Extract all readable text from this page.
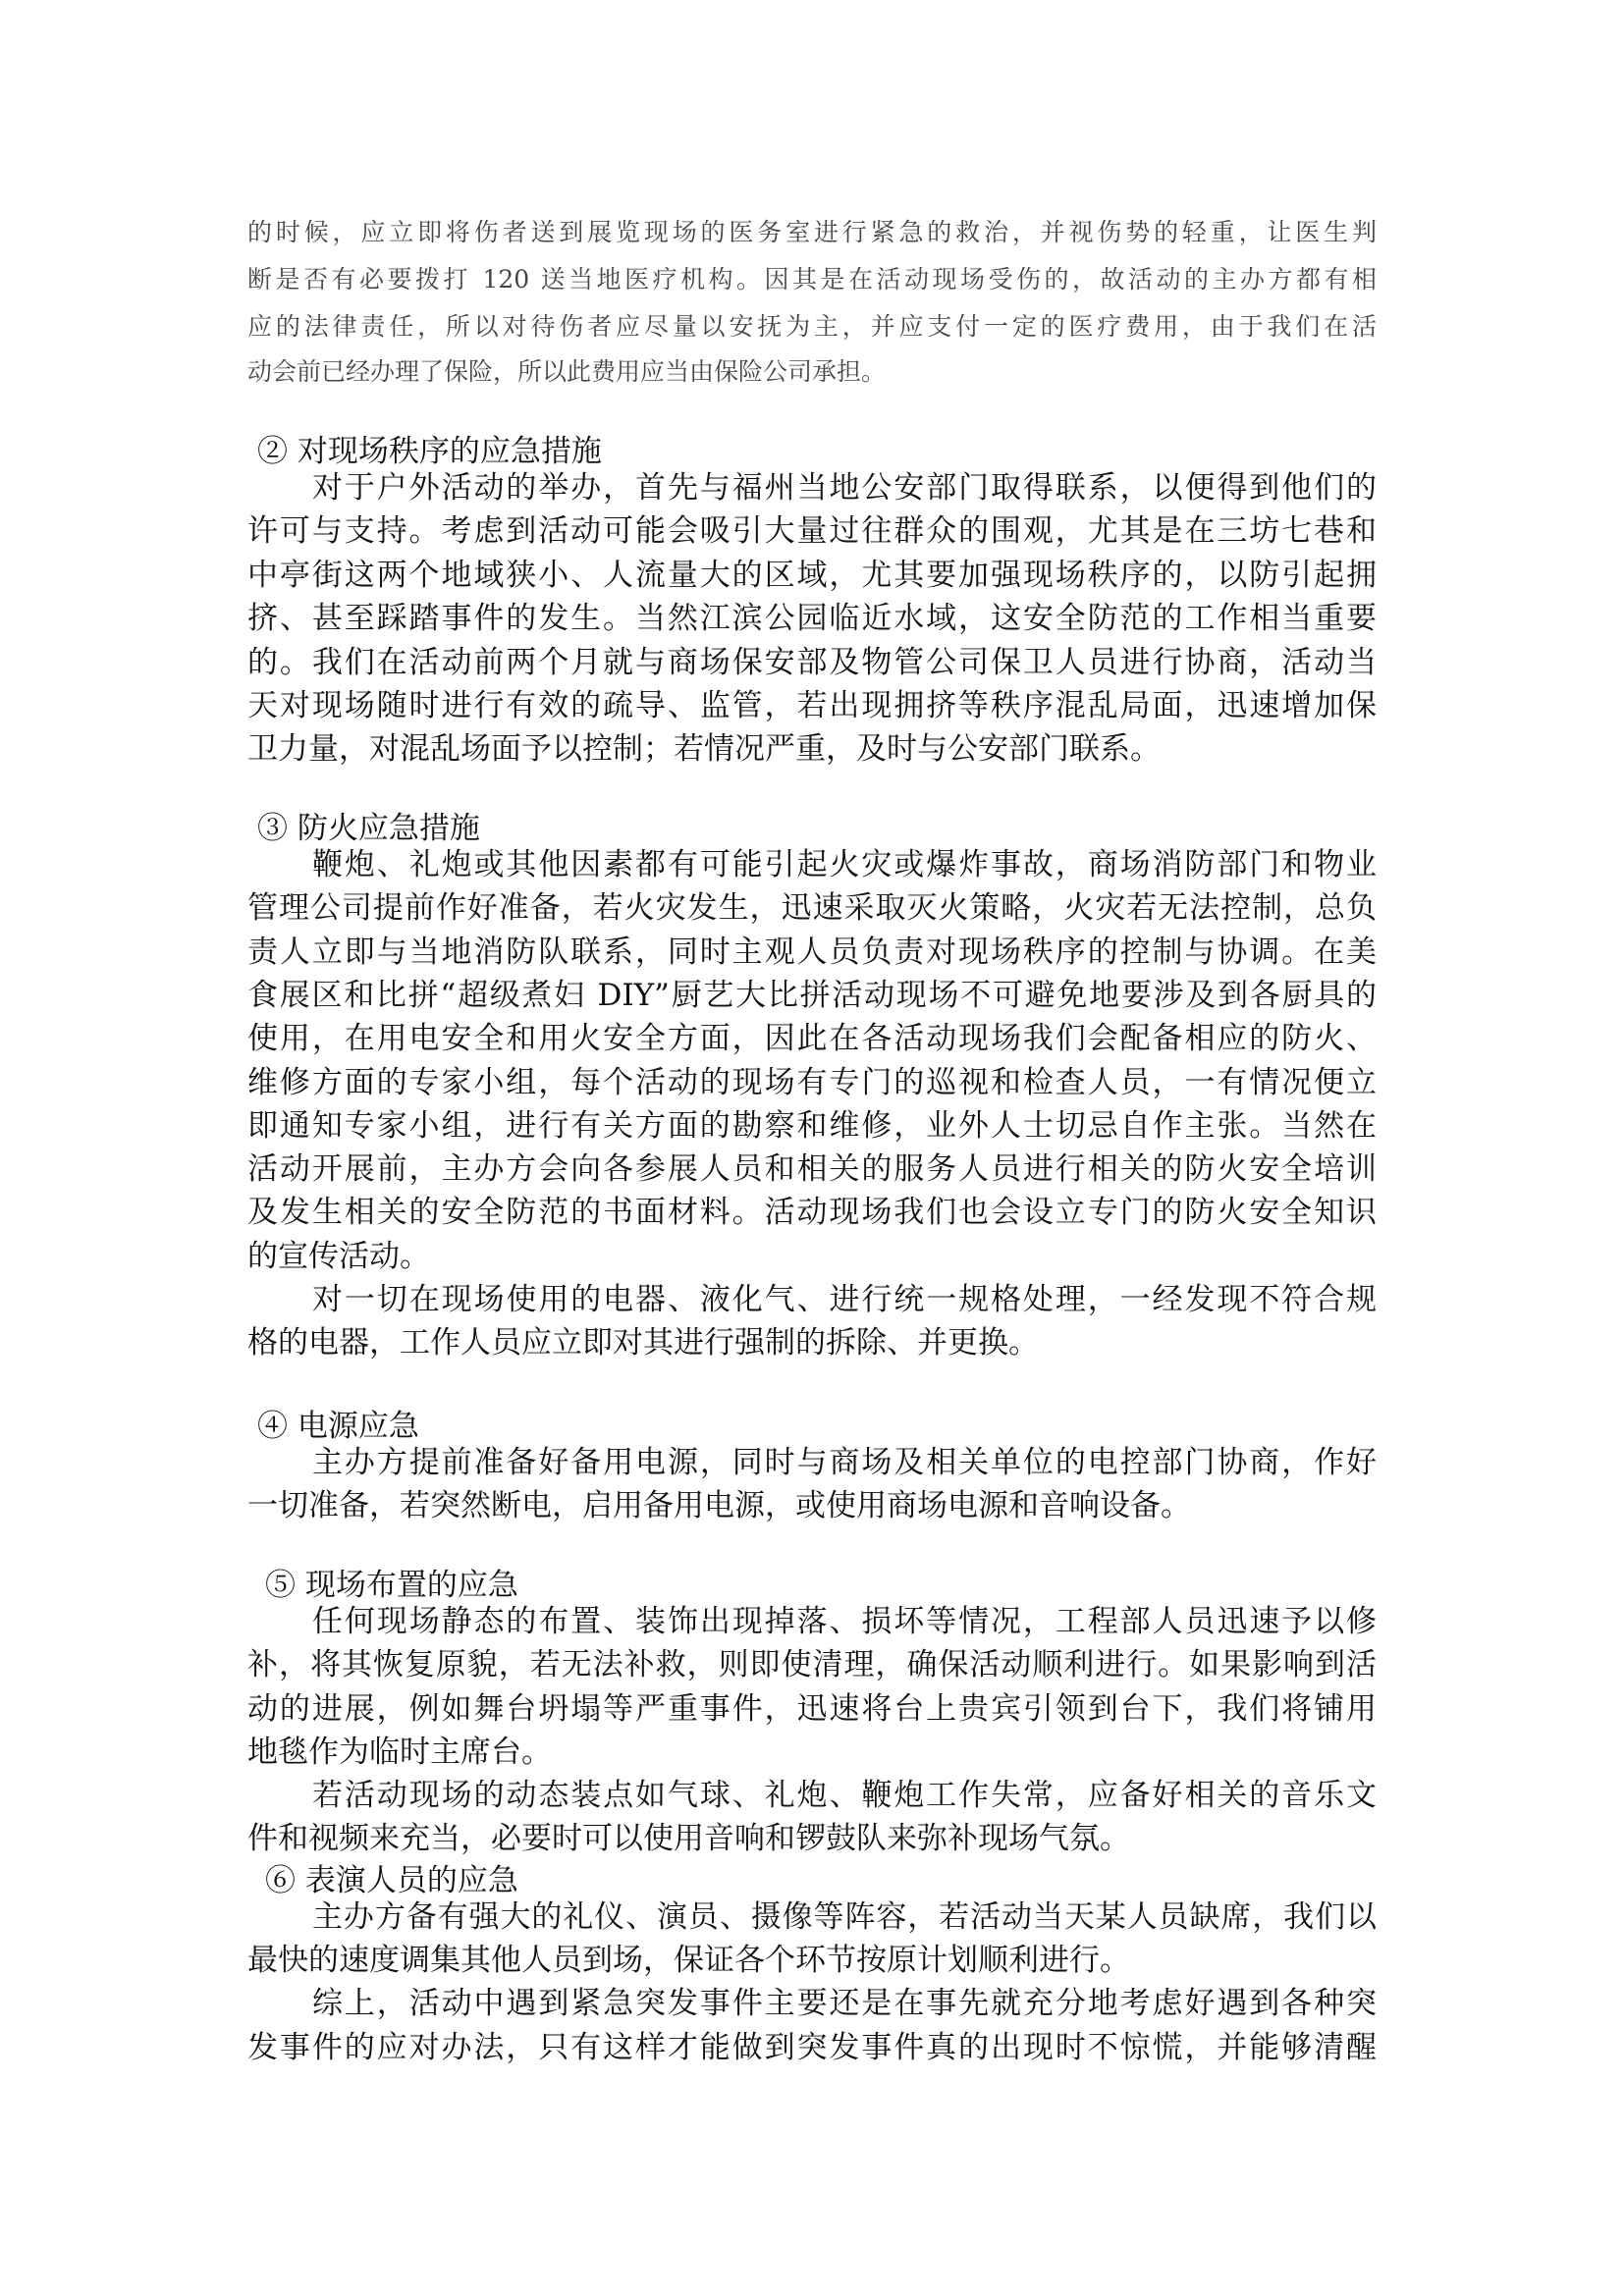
的时候，应立即将伤者送到展览现场的医务室进行紧急的救治，并视伤势的轻重，让医生判
断是否有必要拨打 120 送当地医疗机构。因其是在活动现场受伤的，故活动的主办方都有相
应的法律责任，所以对待伤者应尽量以安抚为主，并应支付一定的医疗费用，由于我们在活
动会前已经办理了保险，所以此费用应当由保险公司承担。
② 对现场秩序的应急措施
对于户外活动的举办，首先与福州当地公安部门取得联系，以便得到他们的
许可与支持。考虑到活动可能会吸引大量过往群众的围观，尤其是在三坊七巷和
中亭街这两个地域狭小、人流量大的区域，尤其要加强现场秩序的，以防引起拥
挤、甚至踩踏事件的发生。当然江滨公园临近水域，这安全防范的工作相当重要
的。我们在活动前两个月就与商场保安部及物管公司保卫人员进行协商，活动当
天对现场随时进行有效的疏导、监管，若出现拥挤等秩序混乱局面，迅速增加保
卫力量，对混乱场面予以控制；若情况严重，及时与公安部门联系。
③ 防火应急措施
鞭炮、礼炮或其他因素都有可能引起火灾或爆炸事故，商场消防部门和物业
管理公司提前作好准备，若火灾发生，迅速采取灭火策略，火灾若无法控制，总负
责人立即与当地消防队联系，同时主观人员负责对现场秩序的控制与协调。在美
食展区和比拼“超级煮妇 DIY”厨艺大比拼活动现场不可避免地要涉及到各厨具的
使用，在用电安全和用火安全方面，因此在各活动现场我们会配备相应的防火、
维修方面的专家小组，每个活动的现场有专门的巡视和检查人员，一有情况便立
即通知专家小组，进行有关方面的勘察和维修，业外人士切忌自作主张。当然在
活动开展前，主办方会向各参展人员和相关的服务人员进行相关的防火安全培训
及发生相关的安全防范的书面材料。活动现场我们也会设立专门的防火安全知识
的宣传活动。
对一切在现场使用的电器、液化气、进行统一规格处理，一经发现不符合规
格的电器，工作人员应立即对其进行强制的拆除、并更换。
④ 电源应急
主办方提前准备好备用电源，同时与商场及相关单位的电控部门协商，作好
一切准备，若突然断电，启用备用电源，或使用商场电源和音响设备。
⑤ 现场布置的应急
任何现场静态的布置、装饰出现掉落、损坏等情况，工程部人员迅速予以修
补，将其恢复原貌，若无法补救，则即使清理，确保活动顺利进行。如果影响到活
动的进展，例如舞台坍塌等严重事件，迅速将台上贵宾引领到台下，我们将铺用
地毯作为临时主席台。
若活动现场的动态装点如气球、礼炮、鞭炮工作失常，应备好相关的音乐文
件和视频来充当，必要时可以使用音响和锣鼓队来弥补现场气氛。
⑥ 表演人员的应急
主办方备有强大的礼仪、演员、摄像等阵容，若活动当天某人员缺席，我们以
最快的速度调集其他人员到场，保证各个环节按原计划顺利进行。
综上，活动中遇到紧急突发事件主要还是在事先就充分地考虑好遇到各种突
发事件的应对办法，只有这样才能做到突发事件真的出现时不惊慌，并能够清醒
